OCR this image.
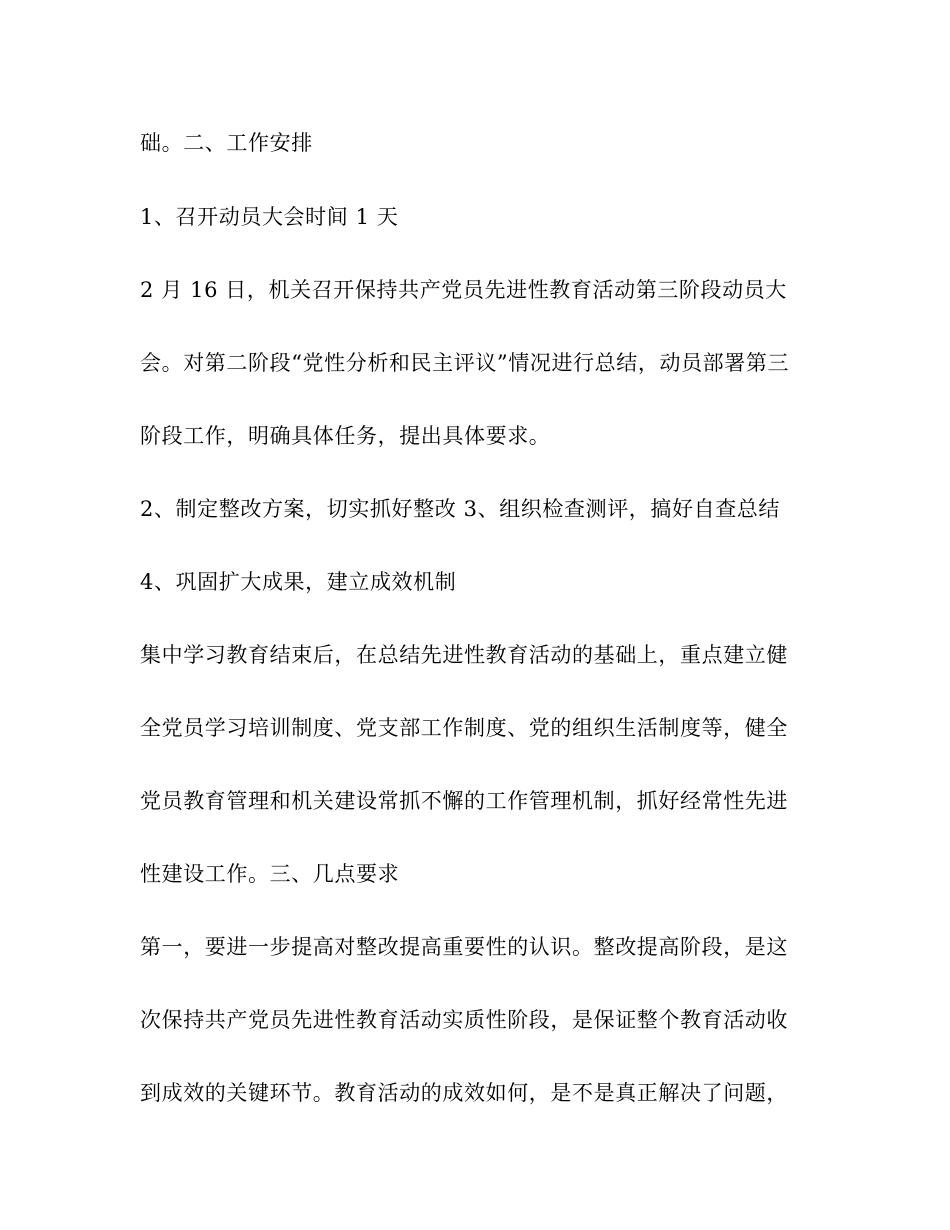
础。二、工作安排

1、召开动员大会时间 1 天

2 月 16 日，机关召开保持共产党员先进性教育活动第三阶段动员大

会。对第二阶段“党性分析和民主评议”情况进行总结，动员部署第三

阶段工作，明确具体任务，提出具体要求。

2、制定整改方案，切实抓好整改 3、组织检查测评，搞好自查总结

4、巩固扩大成果，建立成效机制

集中学习教育结束后，在总结先进性教育活动的基础上，重点建立健

全党员学习培训制度、党支部工作制度、党的组织生活制度等，健全

党员教育管理和机关建设常抓不懈的工作管理机制，抓好经常性先进

性建设工作。三、几点要求

第一，要进一步提高对整改提高重要性的认识。整改提高阶段，是这

次保持共产党员先进性教育活动实质性阶段，是保证整个教育活动收

到成效的关键环节。教育活动的成效如何，是不是真正解决了问题，
